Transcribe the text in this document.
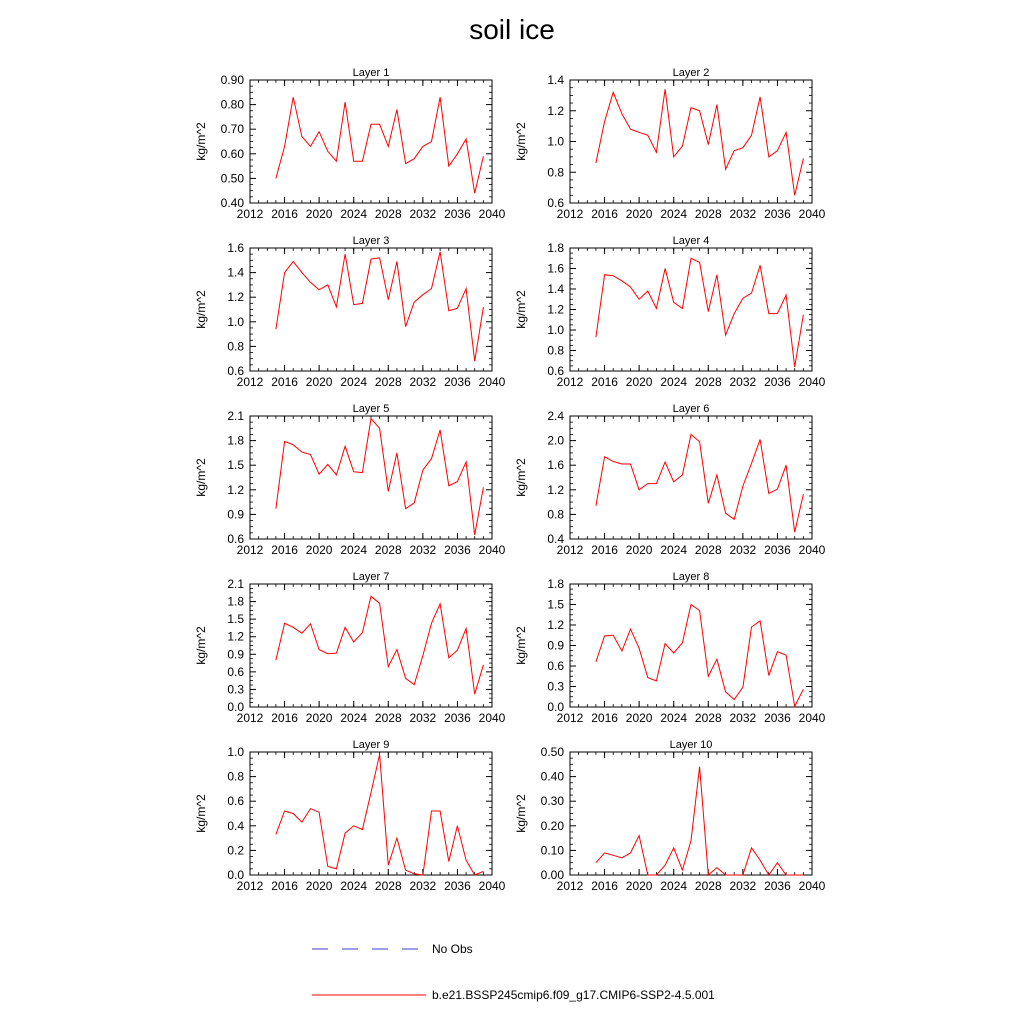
soil ice
Layer 1
kg/m^2
2012 2016 2020 2024 2028 2032 2036 2040
0.40
0.50
0.60
0.70
0.80
0.90	Layer 2
kg/m^2
2012 2016 2020 2024 2028 2032 2036 2040
0.6
0.8
1.0
1.2
1.4
Layer 3
kg/m^2
2012 2016 2020 2024 2028 2032 2036 2040
0.6
0.8
1.0
1.2
1.4
1.6	Layer 4
kg/m^2
2012 2016 2020 2024 2028 2032 2036 2040
0.6
0.8
1.0
1.2
1.4
1.6
1.8
Layer 5
kg/m^2
2012 2016 2020 2024 2028 2032 2036 2040
0.6
0.9
1.2
1.5
1.8
2.1	Layer 6
kg/m^2
2012 2016 2020 2024 2028 2032 2036 2040
0.4
0.8
1.2
1.6
2.0
2.4
Layer 7
kg/m^2
2012 2016 2020 2024 2028 2032 2036 2040
0.0
0.3
0.6
0.9
1.2
1.5
1.8
2.1	Layer 8
kg/m^2
2012 2016 2020 2024 2028 2032 2036 2040
0.0
0.3
0.6
0.9
1.2
1.5
1.8
Layer 9
kg/m^2
2012 2016 2020 2024 2028 2032 2036 2040
0.0
0.2
0.4
0.6
0.8
1.0	Layer 10
kg/m^2
2012 2016 2020 2024 2028 2032 2036 2040
0.00
0.10
0.20
0.30
0.40
0.50
No Obs
b.e21.BSSP245cmip6.f09_g17.CMIP6-SSP2-4.5.001
